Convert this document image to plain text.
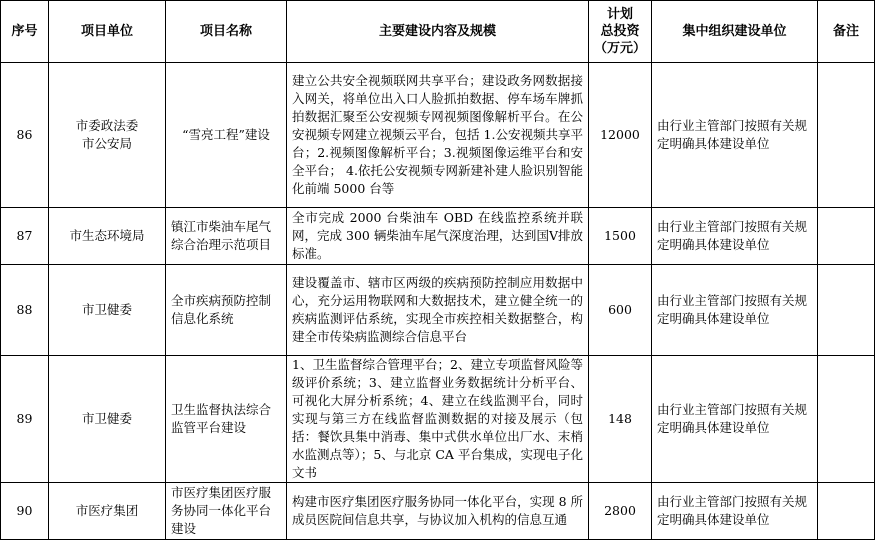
序号	项目单位	项目名称	主要建设内容及规模	计划
总投资
（万元）	集中组织建设单位	备注
86	市委政法委
市公安局	“雪亮工程”建设	建立公共安全视频联网共享平台；建设政务网数据接入网关，将单位出入口人脸抓拍数据、停车场车牌抓拍数据汇聚至公安视频专网视频图像解析平台。在公安视频专网建立视频云平台，包括 1.公安视频共享平台；2.视频图像解析平台；3.视频图像运维平台和安全平台； 4.依托公安视频专网新建补建人脸识别智能化前端 5000 台等	12000	由行业主管部门按照有关规定明确具体建设单位	
87	市生态环境局	镇江市柴油车尾气综合治理示范项目	全市完成 2000 台柴油车 OBD 在线监控系统并联网，完成 300 辆柴油车尾气深度治理，达到国Ⅴ排放标准。	1500	由行业主管部门按照有关规定明确具体建设单位	
88	市卫健委	全市疾病预防控制信息化系统	建设覆盖市、辖市区两级的疾病预防控制应用数据中心，充分运用物联网和大数据技术，建立健全统一的疾病监测评估系统，实现全市疾控相关数据整合，构建全市传染病监测综合信息平台	600	由行业主管部门按照有关规定明确具体建设单位	
89	市卫健委	卫生监督执法综合监管平台建设	1、卫生监督综合管理平台；2、建立专项监督风险等级评价系统；3、建立监督业务数据统计分析平台、可视化大屏分析系统；4、建立在线监测平台，同时实现与第三方在线监督监测数据的对接及展示（包括：餐饮具集中消毒、集中式供水单位出厂水、末梢水监测点等）；5、与北京 CA 平台集成，实现电子化文书	148	由行业主管部门按照有关规定明确具体建设单位	
90	市医疗集团	市医疗集团医疗服务协同一体化平台建设	构建市医疗集团医疗服务协同一体化平台，实现 8 所成员医院间信息共享，与协议加入机构的信息互通	2800	由行业主管部门按照有关规定明确具体建设单位	
